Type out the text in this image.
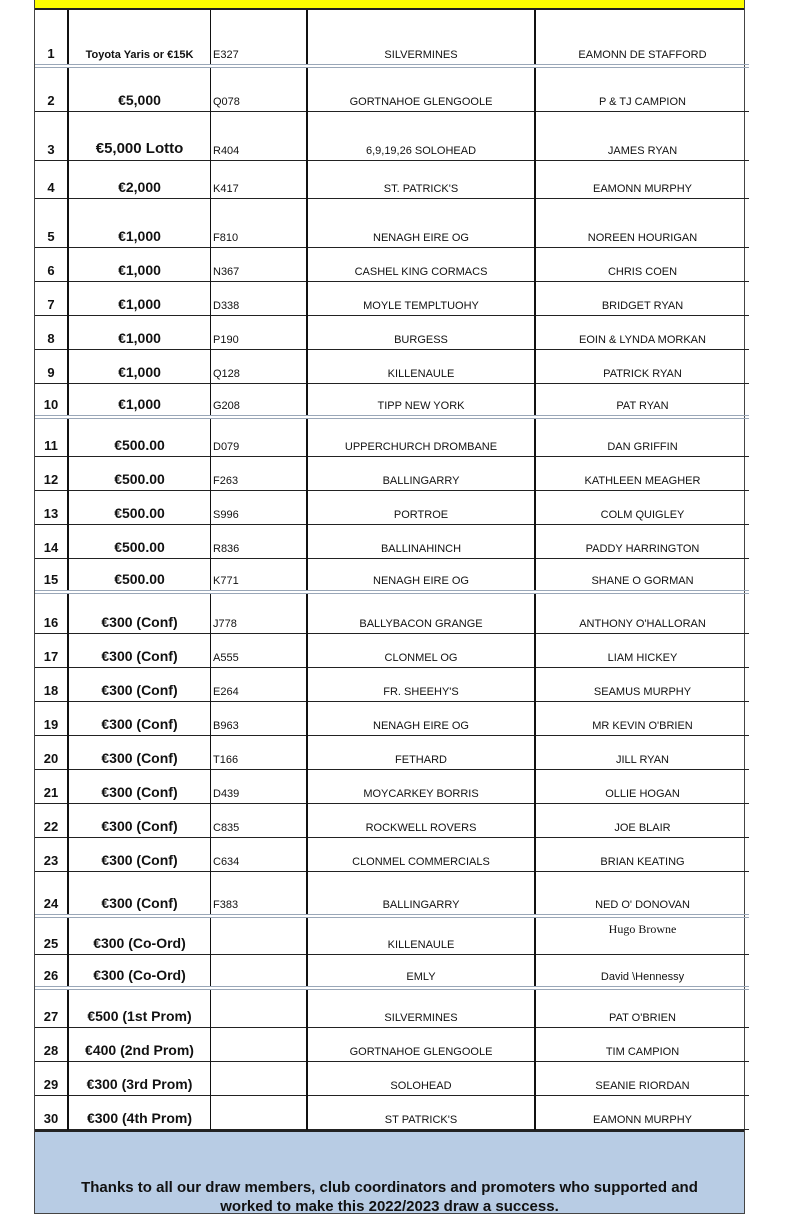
1	Toyota Yaris or €15K	E327	SILVERMINES	EAMONN DE STAFFORD
2	€5,000	Q078	GORTNAHOE GLENGOOLE	P & TJ CAMPION
3	€5,000 Lotto	R404	6,9,19,26 SOLOHEAD	JAMES RYAN
4	€2,000	K417	ST. PATRICK'S	EAMONN MURPHY
5	€1,000	F810	NENAGH EIRE OG	NOREEN HOURIGAN
6	€1,000	N367	CASHEL KING CORMACS	CHRIS COEN
7	€1,000	D338	MOYLE TEMPLTUOHY	BRIDGET RYAN
8	€1,000	P190	BURGESS	EOIN & LYNDA MORKAN
9	€1,000	Q128	KILLENAULE	PATRICK RYAN
10	€1,000	G208	TIPP NEW YORK	PAT RYAN
11	€500.00	D079	UPPERCHURCH DROMBANE	DAN GRIFFIN
12	€500.00	F263	BALLINGARRY	KATHLEEN MEAGHER
13	€500.00	S996	PORTROE	COLM QUIGLEY
14	€500.00	R836	BALLINAHINCH	PADDY HARRINGTON
15	€500.00	K771	NENAGH EIRE OG	SHANE O GORMAN
16	€300 (Conf)	J778	BALLYBACON GRANGE	ANTHONY O'HALLORAN
17	€300 (Conf)	A555	CLONMEL OG	LIAM HICKEY
18	€300 (Conf)	E264	FR. SHEEHY'S	SEAMUS MURPHY
19	€300 (Conf)	B963	NENAGH EIRE OG	MR KEVIN O'BRIEN
20	€300 (Conf)	T166	FETHARD	JILL RYAN
21	€300 (Conf)	D439	MOYCARKEY BORRIS	OLLIE HOGAN
22	€300 (Conf)	C835	ROCKWELL ROVERS	JOE BLAIR
23	€300 (Conf)	C634	CLONMEL COMMERCIALS	BRIAN KEATING
24	€300 (Conf)	F383	BALLINGARRY	NED O' DONOVAN
25	€300 (Co-Ord)		KILLENAULE	Hugo Browne
26	€300 (Co-Ord)		EMLY	David \Hennessy
27	€500 (1st Prom)		SILVERMINES	PAT O'BRIEN
28	€400 (2nd Prom)		GORTNAHOE GLENGOOLE	TIM CAMPION
29	€300 (3rd Prom)		SOLOHEAD	SEANIE RIORDAN
30	€300 (4th Prom)		ST PATRICK'S	EAMONN MURPHY
Thanks to all our draw members, club coordinators and promoters who supported and
worked to make this 2022/2023 draw a success.
